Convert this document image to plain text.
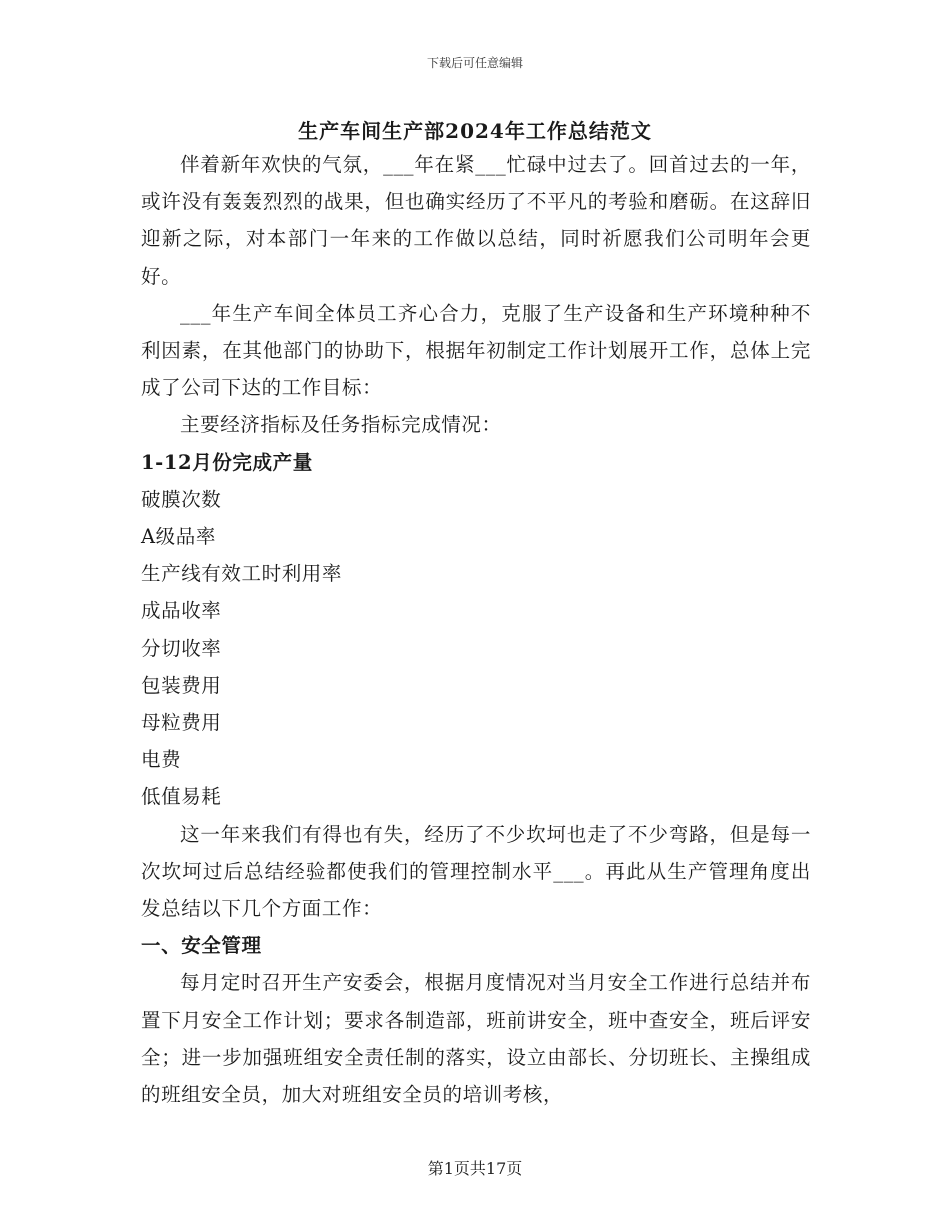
下载后可任意编辑
生产车间生产部2024年工作总结范文

伴着新年欢快的气氛，___年在紧___忙碌中过去了。回首过去的一年，或许没有轰轰烈烈的战果，但也确实经历了不平凡的考验和磨砺。在这辞旧迎新之际，对本部门一年来的工作做以总结，同时祈愿我们公司明年会更好。

___年生产车间全体员工齐心合力，克服了生产设备和生产环境种种不利因素，在其他部门的协助下，根据年初制定工作计划展开工作，总体上完成了公司下达的工作目标：

主要经济指标及任务指标完成情况：

1-12月份完成产量

破膜次数

A级品率

生产线有效工时利用率

成品收率

分切收率

包装费用

母粒费用

电费

低值易耗

这一年来我们有得也有失，经历了不少坎坷也走了不少弯路，但是每一次坎坷过后总结经验都使我们的管理控制水平___。再此从生产管理角度出发总结以下几个方面工作：

一、安全管理

每月定时召开生产安委会，根据月度情况对当月安全工作进行总结并布置下月安全工作计划；要求各制造部，班前讲安全，班中查安全，班后评安全；进一步加强班组安全责任制的落实，设立由部长、分切班长、主操组成的班组安全员，加大对班组安全员的培训考核，

第1页共17页
